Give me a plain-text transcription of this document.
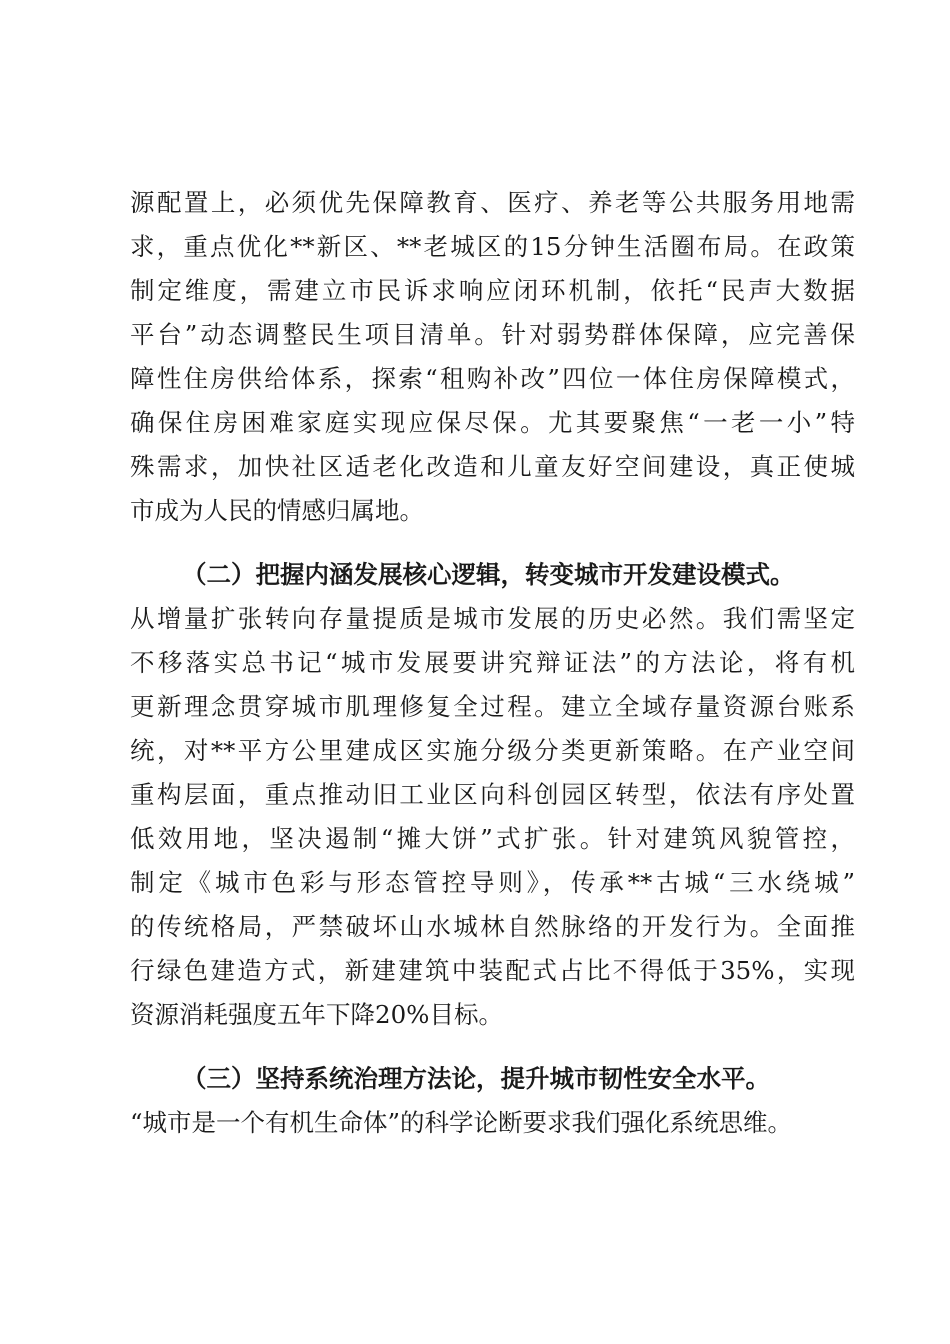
源配置上，必须优先保障教育、医疗、养老等公共服务用地需
求，重点优化**新区、**老城区的15分钟生活圈布局。在政策
制定维度，需建立市民诉求响应闭环机制，依托“民声大数据
平台”动态调整民生项目清单。针对弱势群体保障，应完善保
障性住房供给体系，探索“租购补改”四位一体住房保障模式，
确保住房困难家庭实现应保尽保。尤其要聚焦“一老一小”特
殊需求，加快社区适老化改造和儿童友好空间建设，真正使城
市成为人民的情感归属地。
（二）把握内涵发展核心逻辑，转变城市开发建设模式。
从增量扩张转向存量提质是城市发展的历史必然。我们需坚定
不移落实总书记“城市发展要讲究辩证法”的方法论，将有机
更新理念贯穿城市肌理修复全过程。建立全域存量资源台账系
统，对**平方公里建成区实施分级分类更新策略。在产业空间
重构层面，重点推动旧工业区向科创园区转型，依法有序处置
低效用地，坚决遏制“摊大饼”式扩张。针对建筑风貌管控，
制定《城市色彩与形态管控导则》，传承**古城“三水绕城”
的传统格局，严禁破坏山水城林自然脉络的开发行为。全面推
行绿色建造方式，新建建筑中装配式占比不得低于35%，实现
资源消耗强度五年下降20%目标。
（三）坚持系统治理方法论，提升城市韧性安全水平。
“城市是一个有机生命体”的科学论断要求我们强化系统思维。
